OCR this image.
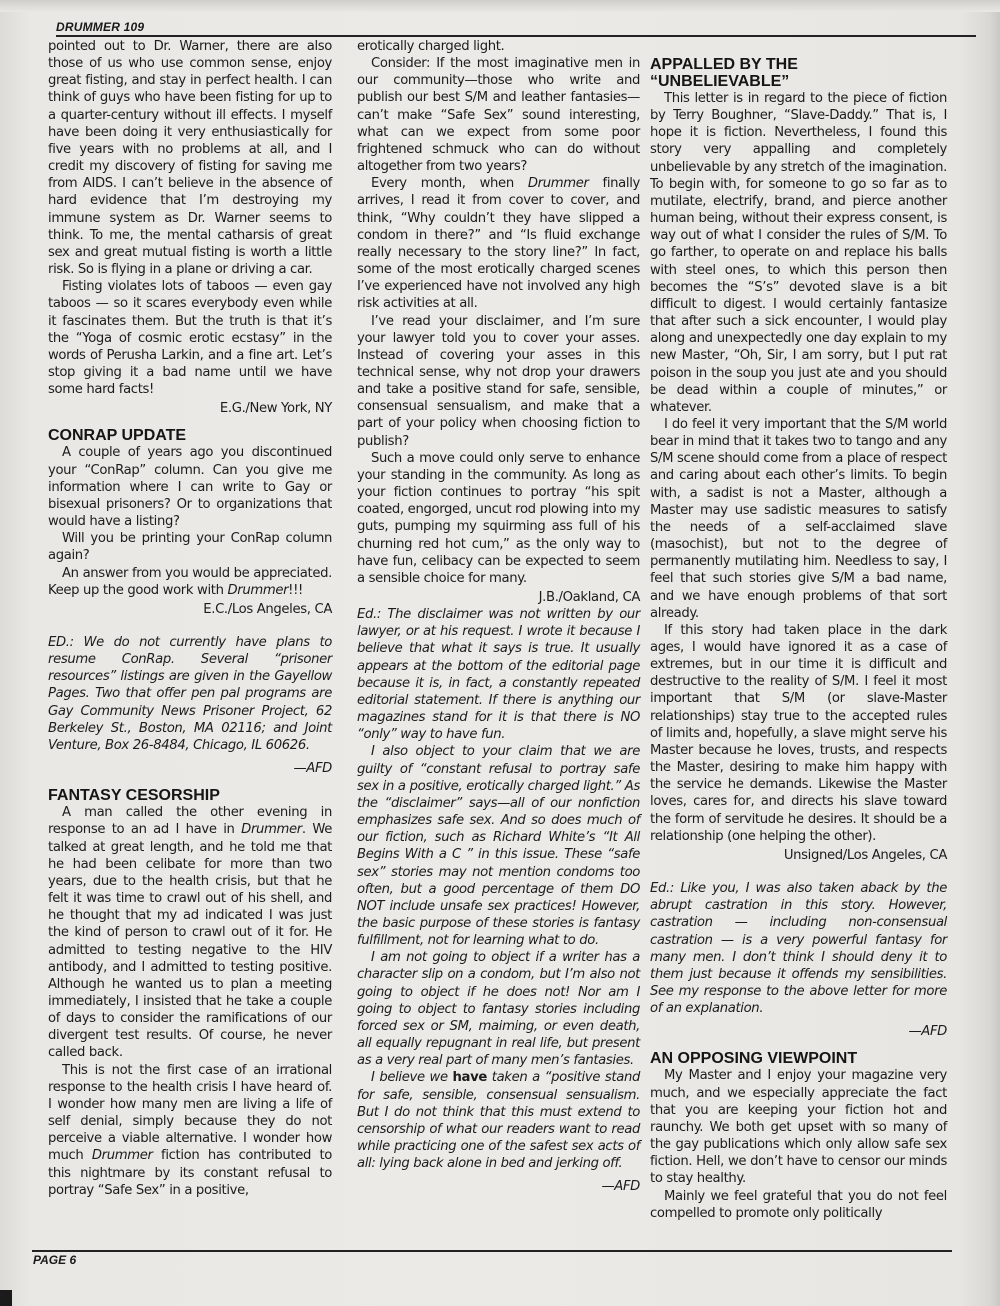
DRUMMER 109

pointed out to Dr. Warner, there are also those of us who use common sense, enjoy great fisting, and stay in perfect health. I can think of guys who have been fisting for up to a quarter-century without ill effects. I myself have been doing it very enthusiastically for five years with no problems at all, and I credit my discovery of fisting for saving me from AIDS. I can’t believe in the absence of hard evidence that I’m destroying my immune system as Dr. Warner seems to think. To me, the mental catharsis of great sex and great mutual fisting is worth a little risk. So is flying in a plane or driving a car.

Fisting violates lots of taboos — even gay taboos — so it scares everybody even while it fascinates them. But the truth is that it’s the “Yoga of cosmic erotic ecstasy” in the words of Perusha Larkin, and a fine art. Let’s stop giving it a bad name until we have some hard facts!

E.G./New York, NY

CONRAP UPDATE

A couple of years ago you discontinued your “ConRap” column. Can you give me information where I can write to Gay or bisexual prisoners? Or to organizations that would have a listing?

Will you be printing your ConRap column again?

An answer from you would be appreciated. Keep up the good work with Drummer!!!

E.C./Los Angeles, CA

ED.: We do not currently have plans to resume ConRap. Several “prisoner resources” listings are given in the Gayellow Pages. Two that offer pen pal programs are Gay Community News Prisoner Project, 62 Berkeley St., Boston, MA 02116; and Joint Venture, Box 26-8484, Chicago, IL 60626.

—AFD

FANTASY CESORSHIP

A man called the other evening in response to an ad I have in Drummer. We talked at great length, and he told me that he had been celibate for more than two years, due to the health crisis, but that he felt it was time to crawl out of his shell, and he thought that my ad indicated I was just the kind of person to crawl out of it for. He admitted to testing negative to the HIV antibody, and I admitted to testing positive. Although he wanted us to plan a meeting immediately, I insisted that he take a couple of days to consider the ramifications of our divergent test results. Of course, he never called back.

This is not the first case of an irrational response to the health crisis I have heard of. I wonder how many men are living a life of self denial, simply because they do not perceive a viable alternative. I wonder how much Drummer fiction has contributed to this nightmare by its constant refusal to portray “Safe Sex” in a positive,

erotically charged light.

Consider: If the most imaginative men in our community—those who write and publish our best S/M and leather fantasies—can’t make “Safe Sex” sound interesting, what can we expect from some poor frightened schmuck who can do without altogether from two years?

Every month, when Drummer finally arrives, I read it from cover to cover, and think, “Why couldn’t they have slipped a condom in there?” and “Is fluid exchange really necessary to the story line?” In fact, some of the most erotically charged scenes I’ve experienced have not involved any high risk activities at all.

I’ve read your disclaimer, and I’m sure your lawyer told you to cover your asses. Instead of covering your asses in this technical sense, why not drop your drawers and take a positive stand for safe, sensible, consensual sensualism, and make that a part of your policy when choosing fiction to publish?

Such a move could only serve to enhance your standing in the community. As long as your fiction continues to portray “his spit coated, engorged, uncut rod plowing into my guts, pumping my squirming ass full of his churning red hot cum,” as the only way to have fun, celibacy can be expected to seem a sensible choice for many.

J.B./Oakland, CA

Ed.: The disclaimer was not written by our lawyer, or at his request. I wrote it because I believe that what it says is true. It usually appears at the bottom of the editorial page because it is, in fact, a constantly repeated editorial statement. If there is anything our magazines stand for it is that there is NO “only” way to have fun.

I also object to your claim that we are guilty of “constant refusal to portray safe sex in a positive, erotically charged light.” As the “disclaimer” says—all of our nonfiction emphasizes safe sex. And so does much of our fiction, such as Richard White’s “It All Begins With a C ” in this issue. These “safe sex” stories may not mention condoms too often, but a good percentage of them DO NOT include unsafe sex practices! However, the basic purpose of these stories is fantasy fulfillment, not for learning what to do.

I am not going to object if a writer has a character slip on a condom, but I’m also not going to object if he does not! Nor am I going to object to fantasy stories including forced sex or SM, maiming, or even death, all equally repugnant in real life, but present as a very real part of many men’s fantasies.

I believe we have taken a “positive stand for safe, sensible, consensual sensualism. But I do not think that this must extend to censorship of what our readers want to read while practicing one of the safest sex acts of all: lying back alone in bed and jerking off.

—AFD

APPALLED BY THE
“UNBELIEVABLE”

This letter is in regard to the piece of fiction by Terry Boughner, “Slave-Daddy.” That is, I hope it is fiction. Nevertheless, I found this story very appalling and completely unbelievable by any stretch of the imagination. To begin with, for someone to go so far as to mutilate, electrify, brand, and pierce another human being, without their express consent, is way out of what I consider the rules of S/M. To go farther, to operate on and replace his balls with steel ones, to which this person then becomes the “S’s” devoted slave is a bit difficult to digest. I would certainly fantasize that after such a sick encounter, I would play along and unexpectedly one day explain to my new Master, “Oh, Sir, I am sorry, but I put rat poison in the soup you just ate and you should be dead within a couple of minutes,” or whatever.

I do feel it very important that the S/M world bear in mind that it takes two to tango and any S/M scene should come from a place of respect and caring about each other’s limits. To begin with, a sadist is not a Master, although a Master may use sadistic measures to satisfy the needs of a self-acclaimed slave (masochist), but not to the degree of permanently mutilating him. Needless to say, I feel that such stories give S/M a bad name, and we have enough problems of that sort already.

If this story had taken place in the dark ages, I would have ignored it as a case of extremes, but in our time it is difficult and destructive to the reality of S/M. I feel it most important that S/M (or slave-Master relationships) stay true to the accepted rules of limits and, hopefully, a slave might serve his Master because he loves, trusts, and respects the Master, desiring to make him happy with the service he demands. Likewise the Master loves, cares for, and directs his slave toward the form of servitude he desires. It should be a relationship (one helping the other).

Unsigned/Los Angeles, CA

Ed.: Like you, I was also taken aback by the abrupt castration in this story. However, castration — including non-consensual castration — is a very powerful fantasy for many men. I don’t think I should deny it to them just because it offends my sensibilities. See my response to the above letter for more of an explanation.

—AFD

AN OPPOSING VIEWPOINT

My Master and I enjoy your magazine very much, and we especially appreciate the fact that you are keeping your fiction hot and raunchy. We both get upset with so many of the gay publications which only allow safe sex fiction. Hell, we don’t have to censor our minds to stay healthy.

Mainly we feel grateful that you do not feel compelled to promote only politically

PAGE 6
